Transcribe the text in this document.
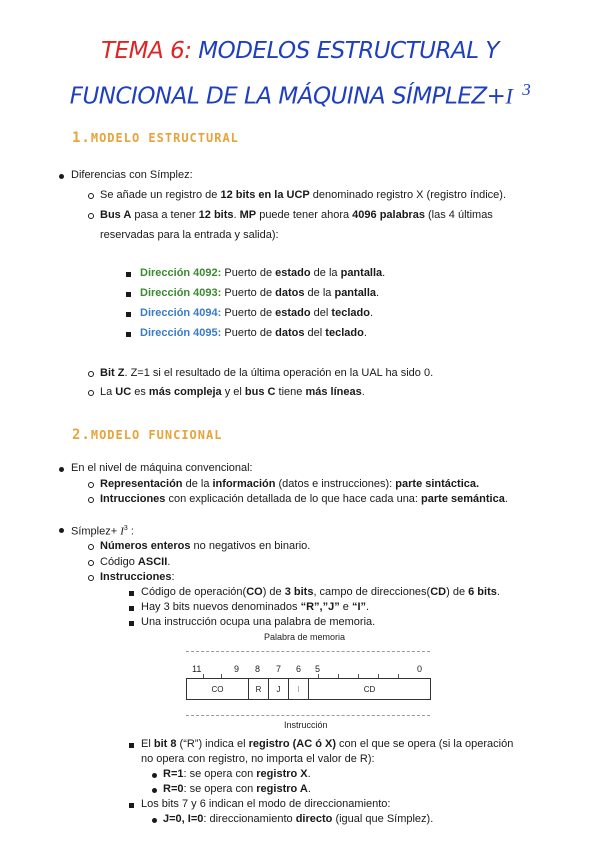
TEMA 6: MODELOS ESTRUCTURAL Y
FUNCIONAL DE LA MÁQUINA SÍMPLEZ+I $^3$
1.MODELO ESTRUCTURAL
Diferencias con Símplez:
Se añade un registro de 12 bits en la UCP denominado registro X (registro índice).
Bus A pasa a tener 12 bits. MP puede tener ahora 4096 palabras (las 4 últimas
reservadas para la entrada y salida):
Dirección 4092: Puerto de estado de la pantalla.
Dirección 4093: Puerto de datos de la pantalla.
Dirección 4094: Puerto de estado del teclado.
Dirección 4095: Puerto de datos del teclado.
Bit Z. Z=1 si el resultado de la última operación en la UAL ha sido 0.
La UC es más compleja y el bus C tiene más líneas.
2.MODELO FUNCIONAL
En el nivel de máquina convencional:
Representación de la información (datos e instrucciones): parte sintáctica.
Intrucciones con explicación detallada de lo que hace cada una: parte semántica.
Símplez+ $I^3$ :
Números enteros no negativos en binario.
Código ASCII.
Instrucciones:
Código de operación(CO) de 3 bits, campo de direcciones(CD) de 6 bits.
Hay 3 bits nuevos denominados “R”,”J” e “I”.
Una instrucción ocupa una palabra de memoria.
Palabra de memoria
11	9 8 7 6 5	0
CO	R	J	I	CD
Instrucción
El bit 8 (“R”) indica el registro (AC ó X) con el que se opera (si la operación
no opera con registro, no importa el valor de R):
R=1: se opera con registro X.
R=0: se opera con registro A.
Los bits 7 y 6 indican el modo de direccionamiento:
J=0, I=0: direccionamiento directo (igual que Símplez).
